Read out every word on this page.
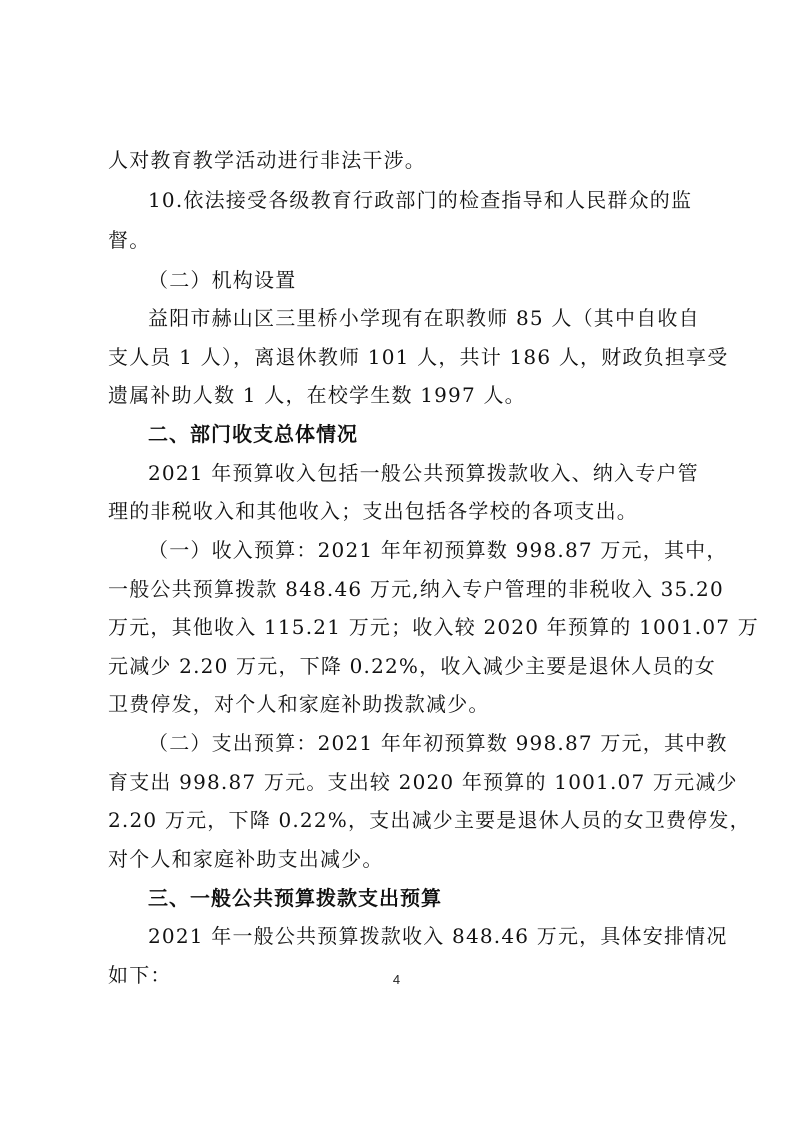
人对教育教学活动进行非法干涉。
10.依法接受各级教育行政部门的检查指导和人民群众的监
督。
（二）机构设置
益阳市赫山区三里桥小学现有在职教师 85 人（其中自收自
支人员 1 人），离退休教师 101 人，共计 186 人，财政负担享受
遗属补助人数 1 人，在校学生数 1997 人。
二、部门收支总体情况
2021 年预算收入包括一般公共预算拨款收入、纳入专户管
理的非税收入和其他收入；支出包括各学校的各项支出。
（一）收入预算：2021 年年初预算数 998.87 万元，其中，
一般公共预算拨款 848.46 万元,纳入专户管理的非税收入 35.20
万元，其他收入 115.21 万元；收入较 2020 年预算的 1001.07 万
元减少 2.20 万元，下降 0.22%，收入减少主要是退休人员的女
卫费停发，对个人和家庭补助拨款减少。
（二）支出预算：2021 年年初预算数 998.87 万元，其中教
育支出 998.87 万元。支出较 2020 年预算的 1001.07 万元减少
2.20 万元，下降 0.22%，支出减少主要是退休人员的女卫费停发，
对个人和家庭补助支出减少。
三、一般公共预算拨款支出预算
2021 年一般公共预算拨款收入 848.46 万元，具体安排情况
如下：	4
